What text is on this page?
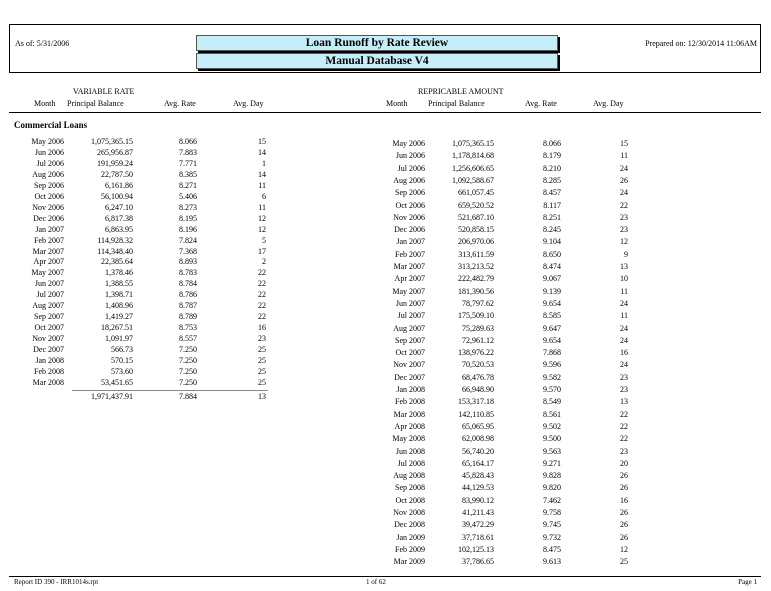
As of: 5/31/2006	Prepared on: 12/30/2014 11:06AM
Loan Runoff by Rate Review
Manual Database V4
VARIABLE RATE
Month Principal Balance	Avg. Rate	Avg. Day
REPRICABLE AMOUNT
Month	Principal Balance	Avg. Rate	Avg. Day
Commercial Loans
May 2006	1,075,365.15	8.066	15
Jun 2006	265,956.87	7.883	14
Jul 2006	191,959.24	7.771	1
Aug 2006	22,787.50	8.385	14
Sep 2006	6,161.86	8.271	11
Oct 2006	56,100.94	5.406	6
Nov 2006	6,247.10	8.273	11
Dec 2006	6,817.38	8.195	12
Jan 2007	6,863.95	8.196	12
Feb 2007	114,928.32	7.824	5
Mar 2007	114,348.40	7.368	17
Apr 2007	22,385.64	8.893	2
May 2007	1,378.46	8.783	22
Jun 2007	1,388.55	8.784	22
Jul 2007	1,398.71	8.786	22
Aug 2007	1,408.96	8.787	22
Sep 2007	1,419.27	8.789	22
Oct 2007	18,267.51	8.753	16
Nov 2007	1,091.97	8.557	23
Dec 2007	566.73	7.250	25
Jan 2008	570.15	7.250	25
Feb 2008	573.60	7.250	25
Mar 2008	53,451.65	7.250	25
1,971,437.91	7.884	13
May 2006	1,075,365.15	8.066	15
Jun 2006	1,178,814.68	8.179	11
Jul 2006	1,256,606.65	8.210	24
Aug 2006	1,092,588.67	8.285	26
Sep 2006	661,057.45	8.457	24
Oct 2006	659,520.52	8.117	22
Nov 2006	521,687.10	8.251	23
Dec 2006	520,858.15	8.245	23
Jan 2007	206,970.06	9.104	12
Feb 2007	313,611.59	8.650	9
Mar 2007	313,213.52	8.474	13
Apr 2007	222,482.79	9.067	10
May 2007	181,390.56	9.139	11
Jun 2007	78,797.62	9.654	24
Jul 2007	175,509.10	8.585	11
Aug 2007	75,289.63	9.647	24
Sep 2007	72,961.12	9.654	24
Oct 2007	138,976.22	7.868	16
Nov 2007	70,520.53	9.596	24
Dec 2007	68,476.78	9.582	23
Jan 2008	66,948.90	9.570	23
Feb 2008	153,317.18	8.549	13
Mar 2008	142,110.85	8.561	22
Apr 2008	65,065.95	9.502	22
May 2008	62,008.98	9.500	22
Jun 2008	56,740.20	9.563	23
Jul 2008	65,164.17	9.271	20
Aug 2008	45,828.43	9.828	26
Sep 2008	44,129.53	9.820	26
Oct 2008	83,990.12	7.462	16
Nov 2008	41,211.43	9.758	26
Dec 2008	39,472.29	9.745	26
Jan 2009	37,718.61	9.732	26
Feb 2009	102,125.13	8.475	12
Mar 2009	37,786.65	9.613	25
Report ID 390 - IRR1014s.rpt	1 of 62	Page 1
